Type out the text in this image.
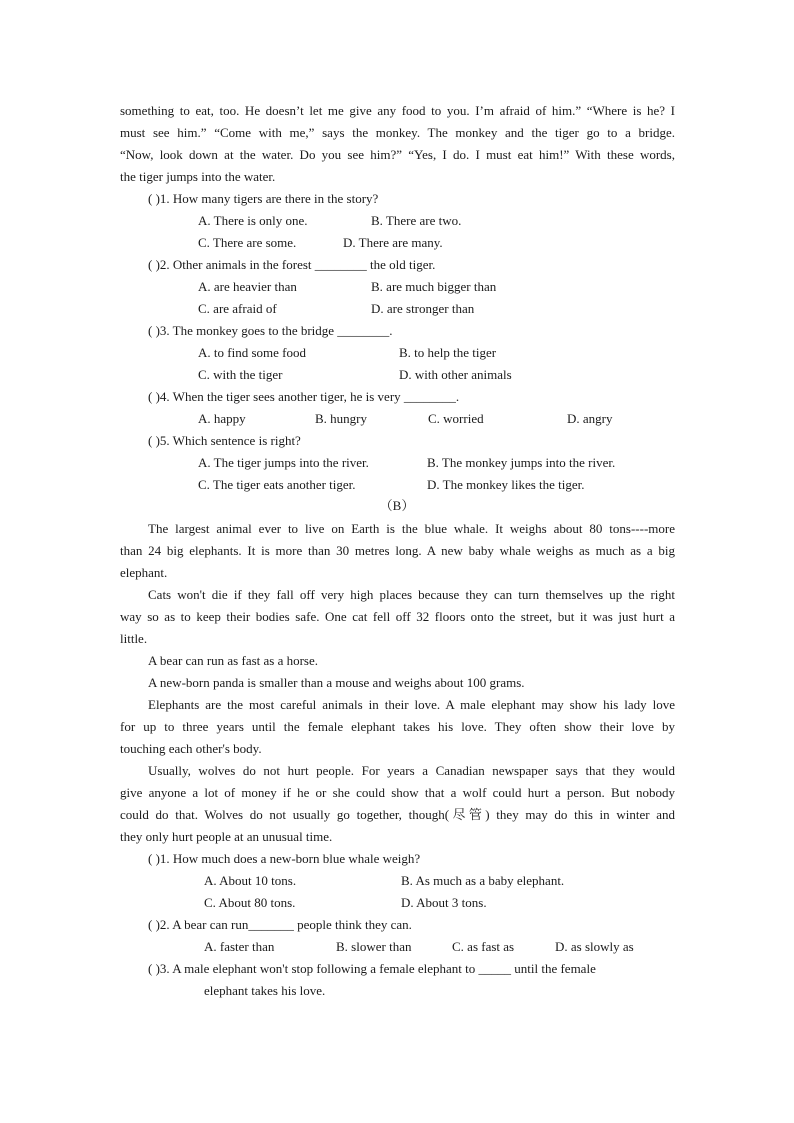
something to eat, too. He doesn’t let me give any food to you. I’m afraid of him.” “Where is he? I
must see him.” “Come with me,” says the monkey. The monkey and the tiger go to a bridge.
“Now, look down at the water. Do you see him?” “Yes, I do. I must eat him!” With these words,
the tiger jumps into the water.
( )1. How many tigers are there in the story?
A. There is only one.	B. There are two.
C. There are some.	D. There are many.
( )2. Other animals in the forest ________ the old tiger.
A. are heavier than	B. are much bigger than
C. are afraid of	D. are stronger than
( )3. The monkey goes to the bridge ________.
A. to find some food	B. to help the tiger
C. with the tiger	D. with other animals
( )4. When the tiger sees another tiger, he is very ________.
A. happy	B. hungry	C. worried	D. angry
( )5. Which sentence is right?
A. The tiger jumps into the river.	B. The monkey jumps into the river.
C. The tiger eats another tiger.	D. The monkey likes the tiger.
（B）
The largest animal ever to live on Earth is the blue whale. It weighs about 80 tons----more
than 24 big elephants. It is more than 30 metres long. A new baby whale weighs as much as a big
elephant.
Cats won't die if they fall off very high places because they can turn themselves up the right
way so as to keep their bodies safe. One cat fell off 32 floors onto the street, but it was just hurt a
little.
A bear can run as fast as a horse.
A new-born panda is smaller than a mouse and weighs about 100 grams.
Elephants are the most careful animals in their love. A male elephant may show his lady love
for up to three years until the female elephant takes his love. They often show their love by
touching each other's body.
Usually, wolves do not hurt people. For years a Canadian newspaper says that they would
give anyone a lot of money if he or she could show that a wolf could hurt a person. But nobody
could do that. Wolves do not usually go together, though(尽管) they may do this in winter and
they only hurt people at an unusual time.
( )1. How much does a new-born blue whale weigh?
A. About 10 tons.	B. As much as a baby elephant.
C. About 80 tons.	D. About 3 tons.
( )2. A bear can run_______ people think they can.
A. faster than	B. slower than	C. as fast as	D. as slowly as
( )3. A male elephant won't stop following a female elephant to _____ until the female
elephant takes his love.
